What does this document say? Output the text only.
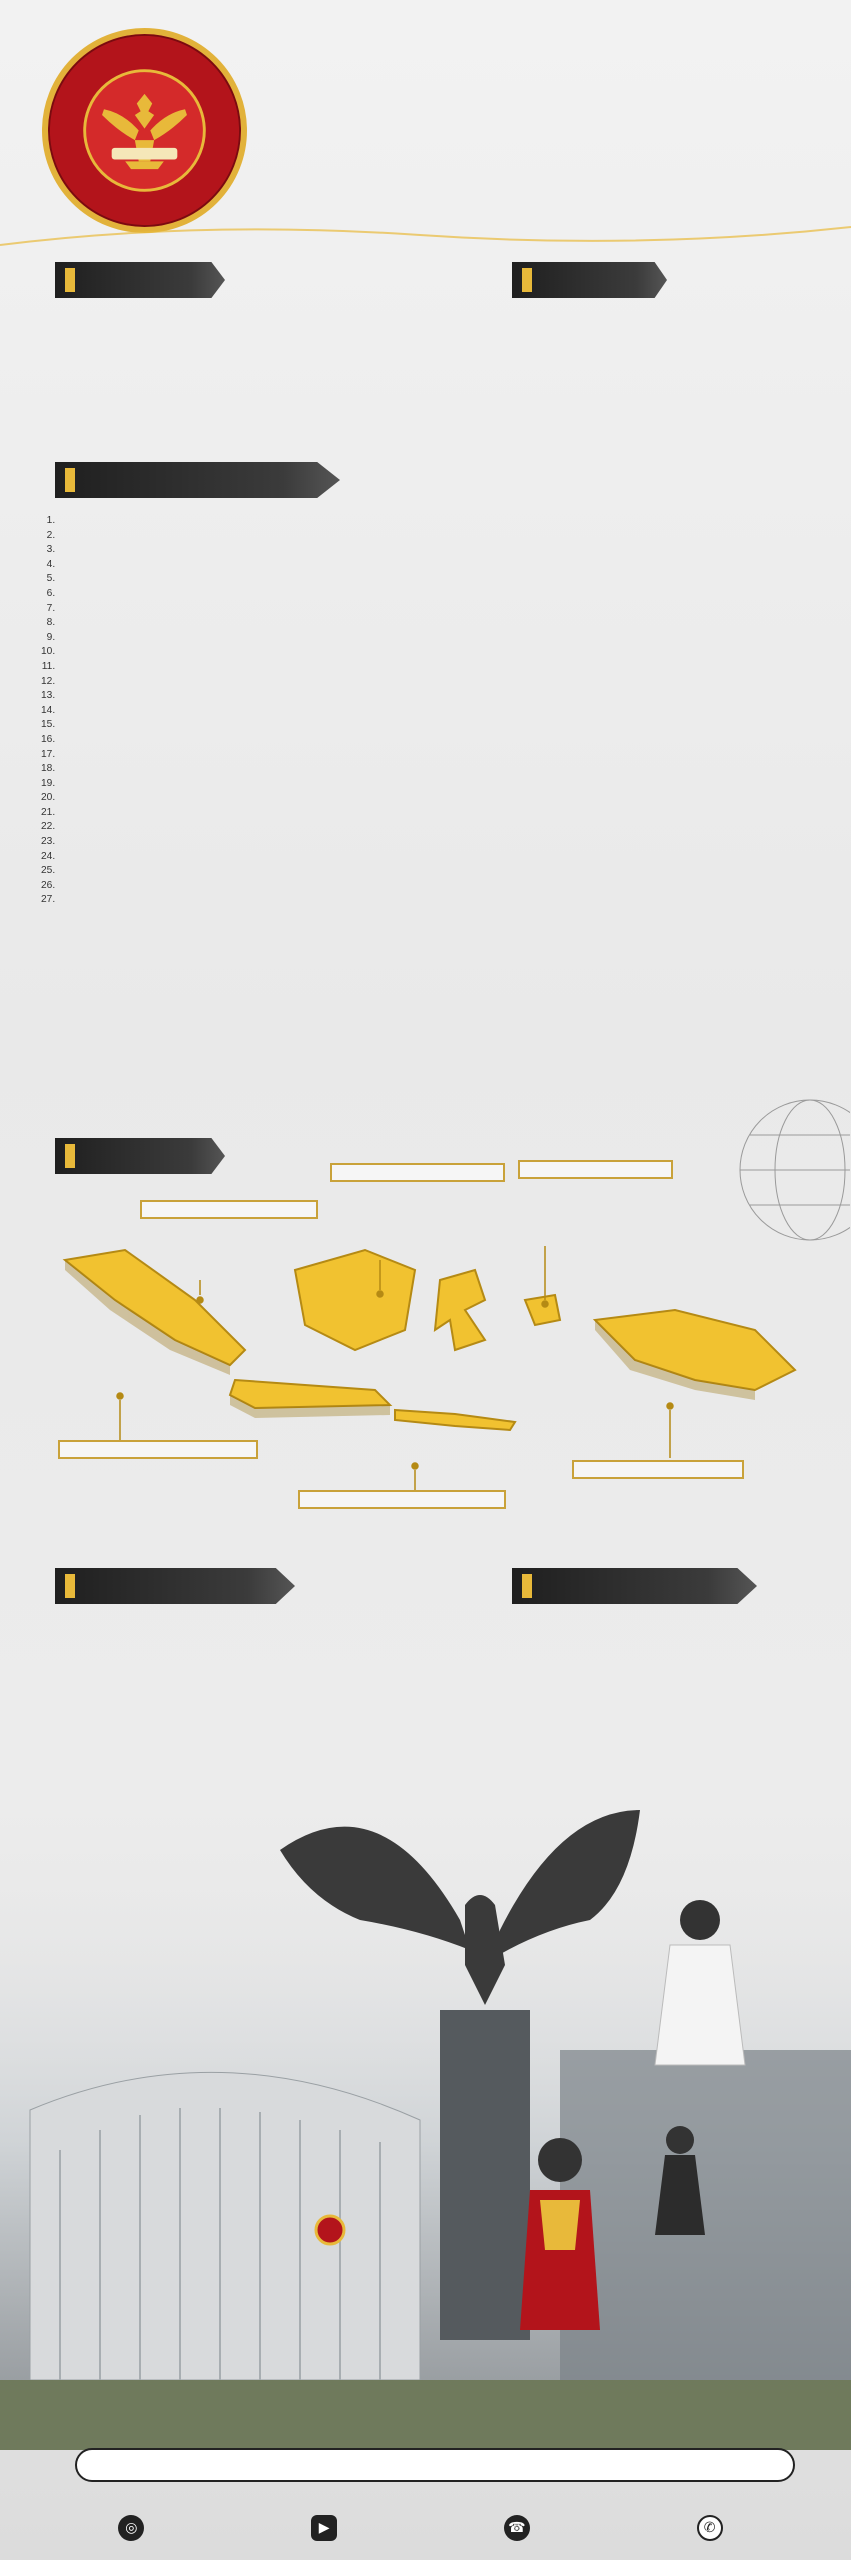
1.
2.
3.
4.
5.
6.
7.
8.
9.
10.
11.
12.
13.
14.
15.
16.
17.
18.
19.
20.
21.
22.
23.
24.
25.
26.
27.
◎	▶	☎	✆
